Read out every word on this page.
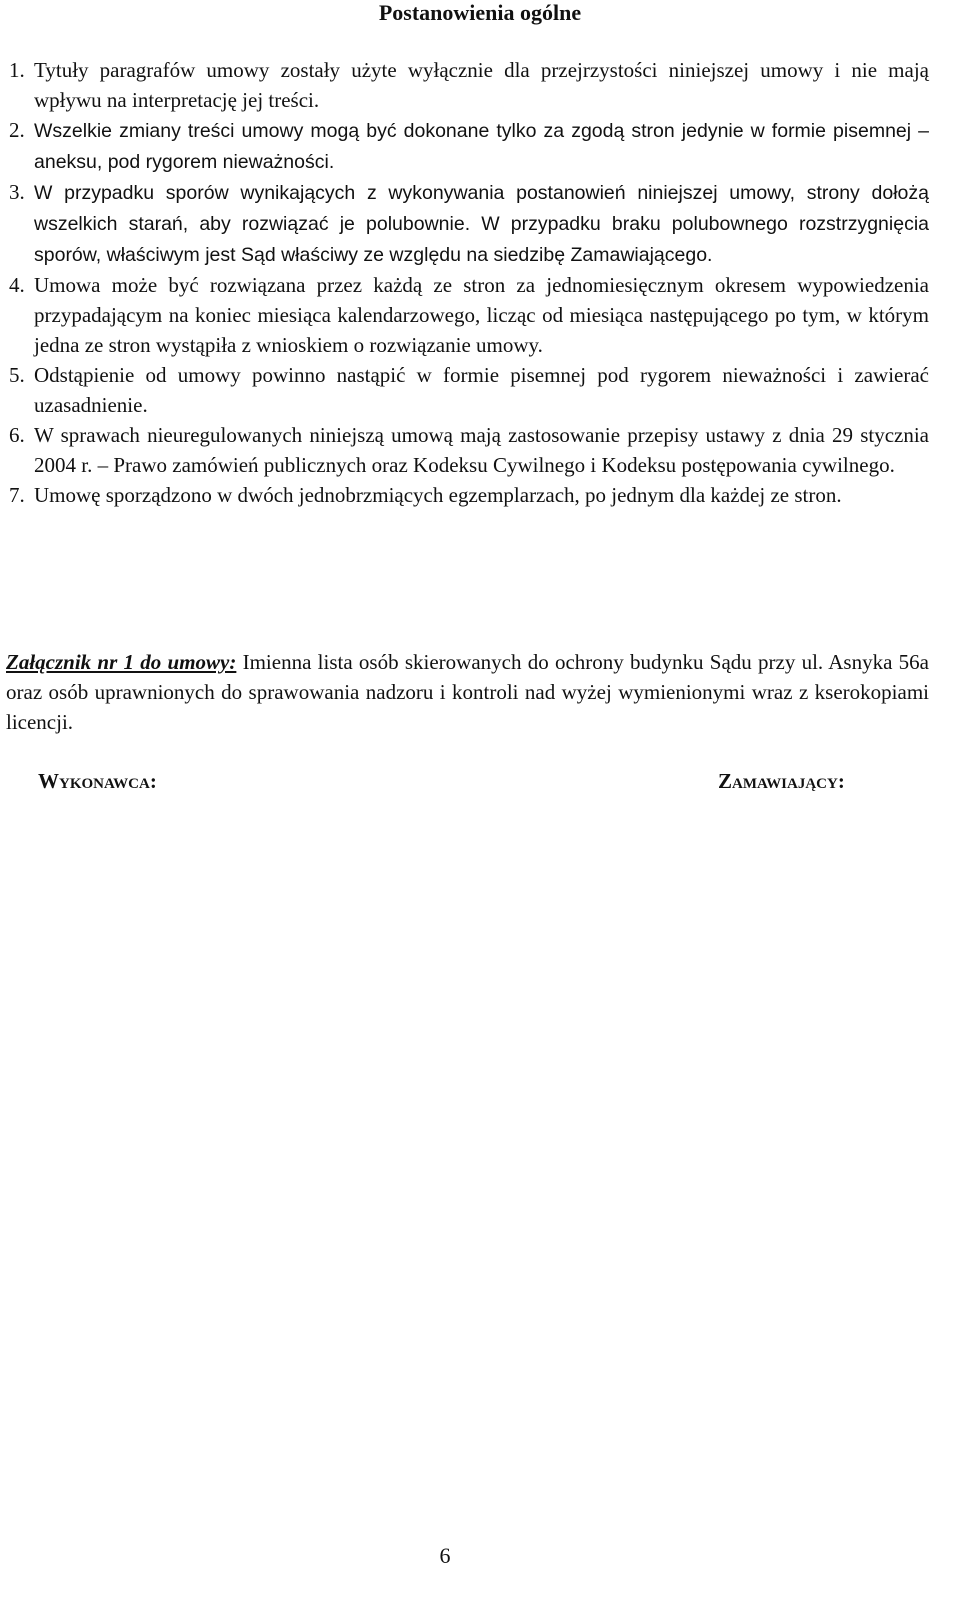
Postanowienia ogólne
1. Tytuły paragrafów umowy zostały użyte wyłącznie dla przejrzystości niniejszej umowy i nie mają wpływu na interpretację jej treści.
2. Wszelkie zmiany treści umowy mogą być dokonane tylko za zgodą stron jedynie w formie pisemnej – aneksu, pod rygorem nieważności.
3. W przypadku sporów wynikających z wykonywania postanowień niniejszej umowy, strony dołożą wszelkich starań, aby rozwiązać je polubownie. W przypadku braku polubownego rozstrzygnięcia sporów, właściwym jest Sąd właściwy ze względu na siedzibę Zamawiającego.
4. Umowa może być rozwiązana przez każdą ze stron za jednomiesięcznym okresem wypowiedzenia przypadającym na koniec miesiąca kalendarzowego, licząc od miesiąca następującego po tym, w którym jedna ze stron wystąpiła z wnioskiem o rozwiązanie umowy.
5. Odstąpienie od umowy powinno nastąpić w formie pisemnej pod rygorem nieważności i zawierać uzasadnienie.
6. W sprawach nieuregulowanych niniejszą umową mają zastosowanie przepisy ustawy z dnia 29 stycznia 2004 r. – Prawo zamówień publicznych oraz Kodeksu Cywilnego i Kodeksu postępowania cywilnego.
7. Umowę sporządzono w dwóch jednobrzmiących egzemplarzach, po jednym dla każdej ze stron.

Załącznik nr 1 do umowy: Imienna lista osób skierowanych do ochrony budynku Sądu przy ul. Asnyka 56a oraz osób uprawnionych do sprawowania nadzoru i kontroli nad wyżej wymienionymi wraz z kserokopiami licencji.

WYKONAWCA:	ZAMAWIAJĄCY:
6
